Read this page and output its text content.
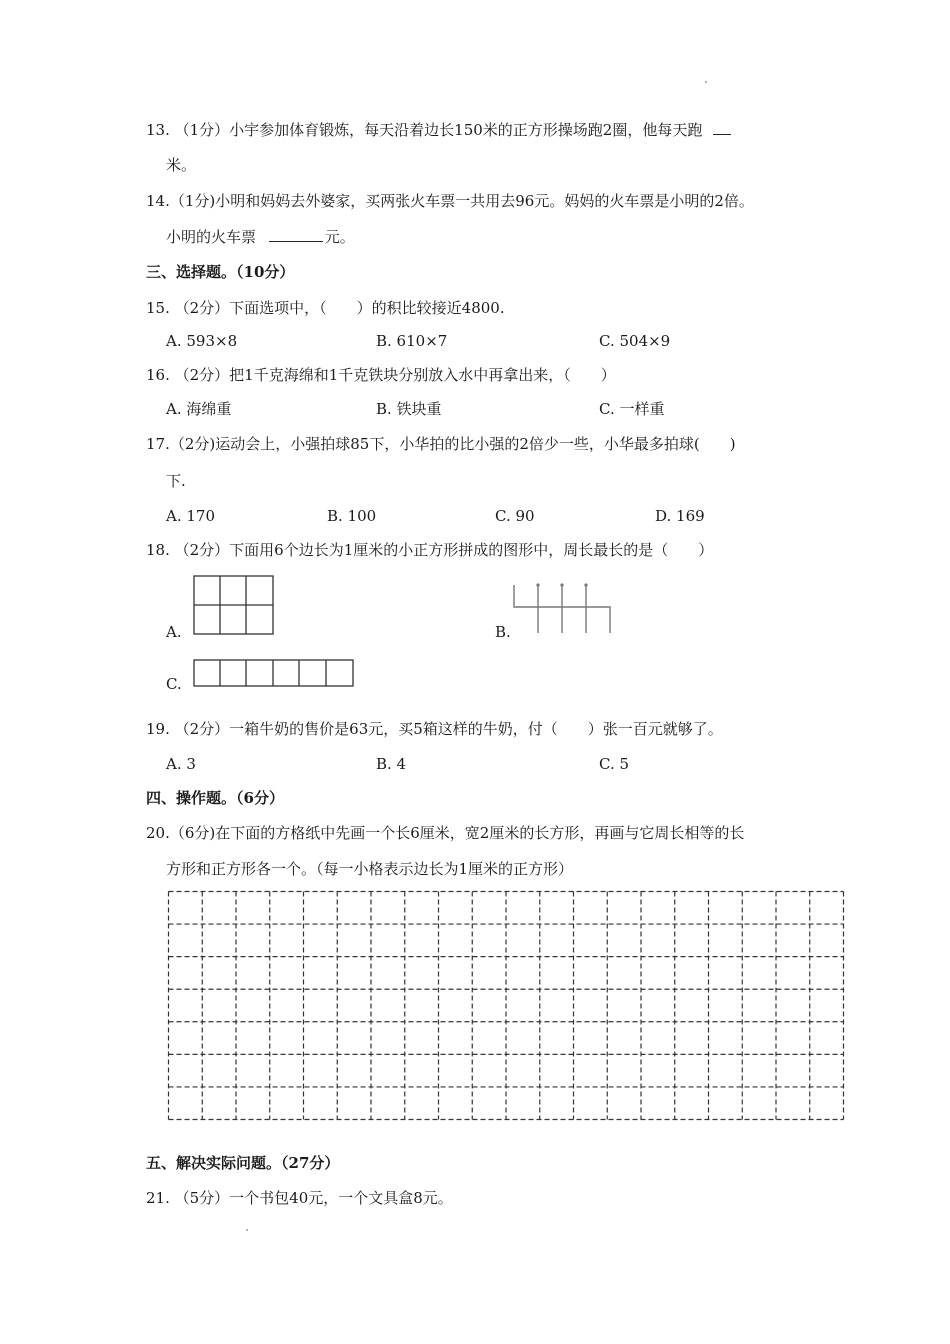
13. （1分）小宇参加体育锻炼，每天沿着边长150米的正方形操场跑2圈，他每天跑
米。
14.（1分)小明和妈妈去外婆家，买两张火车票一共用去96元。妈妈的火车票是小明的2倍。
小明的火车票	元。
三、选择题。（10分）
15. （2分）下面选项中，（　　）的积比较接近4800.
A. 593×8	B. 610×7	C. 504×9
16. （2分）把1千克海绵和1千克铁块分别放入水中再拿出来，（　　）
A. 海绵重	B. 铁块重	C. 一样重
17.（2分)运动会上，小强拍球85下，小华拍的比小强的2倍少一些，小华最多拍球(　　)
下.
A. 170	B. 100	C. 90	D. 169
18. （2分）下面用6个边长为1厘米的小正方形拼成的图形中，周长最长的是（　　）
A.	B.
C.
19. （2分）一箱牛奶的售价是63元，买5箱这样的牛奶，付（　　）张一百元就够了。
A. 3	B. 4	C. 5
四、操作题。（6分）
20.（6分)在下面的方格纸中先画一个长6厘米，宽2厘米的长方形，再画与它周长相等的长
方形和正方形各一个。（每一小格表示边长为1厘米的正方形）
五、解决实际问题。（27分）
21. （5分）一个书包40元，一个文具盒8元。
